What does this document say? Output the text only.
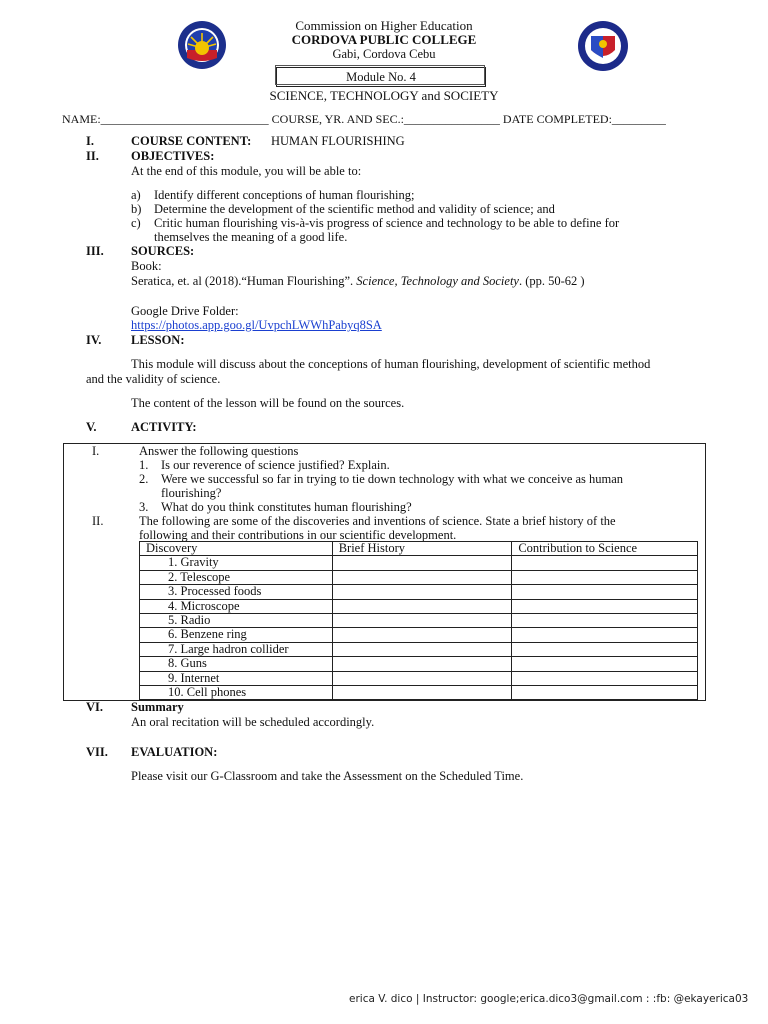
Commission on Higher Education
CORDOVA PUBLIC COLLEGE
Gabi, Cordova Cebu
Module No. 4
SCIENCE, TECHNOLOGY and SOCIETY
NAME:____________________________ COURSE, YR. AND SEC.:________________ DATE COMPLETED:_________
I.	COURSE CONTENT: HUMAN FLOURISHING
II.	OBJECTIVES:
At the end of this module, you will be able to:
a) Identify different conceptions of human flourishing;
b) Determine the development of the scientific method and validity of science; and
c) Critic human flourishing vis-à-vis progress of science and technology to be able to define for
themselves the meaning of a good life.
III. SOURCES:
Book:
Seratica, et. al (2018).“Human Flourishing”. Science, Technology and Society. (pp. 50-62 )
Google Drive Folder:
https://photos.app.goo.gl/UvpchLWWhPabyq8SA
IV. LESSON:
This module will discuss about the conceptions of human flourishing, development of scientific method
and the validity of science.
The content of the lesson will be found on the sources.
V.	ACTIVITY:
I.	Answer the following questions
1. Is our reverence of science justified? Explain.
2. Were we successful so far in trying to tie down technology with what we conceive as human
flourishing?
3. What do you think constitutes human flourishing?
II.	The following are some of the discoveries and inventions of science. State a brief history of the
following and their contributions in our scientific development.
Discovery	Brief History	Contribution to Science
1. Gravity		
2. Telescope		
3. Processed foods		
4. Microscope		
5. Radio		
6. Benzene ring		
7. Large hadron collider		
8. Guns		
9. Internet		
10. Cell phones		
VI. Summary
An oral recitation will be scheduled accordingly.
VII. EVALUATION:
Please visit our G-Classroom and take the Assessment on the Scheduled Time.
erica V. dico | Instructor: google;erica.dico3@gmail.com : :fb: @ekayerica03
